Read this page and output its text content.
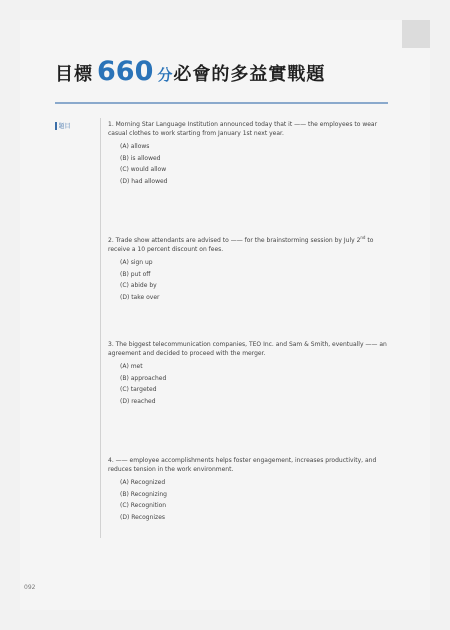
目標 660 分 必會的多益實戰題
題目	1. Morning Star Language Institution announced today that it —— the employees to wear casual clothes to work starting from January 1st next year.
(A) allows
(B) is allowed
(C) would allow
(D) had allowed
2. Trade show attendants are advised to —— for the brainstorming session by July 2nd to receive a 10 percent discount on fees.
(A) sign up
(B) put off
(C) abide by
(D) take over
3. The biggest telecommunication companies, TEO Inc. and Sam & Smith, eventually —— an agreement and decided to proceed with the merger.
(A) met
(B) approached
(C) targeted
(D) reached
4. —— employee accomplishments helps foster engagement, increases productivity, and reduces tension in the work environment.
(A) Recognized
(B) Recognizing
(C) Recognition
(D) Recognizes
092
